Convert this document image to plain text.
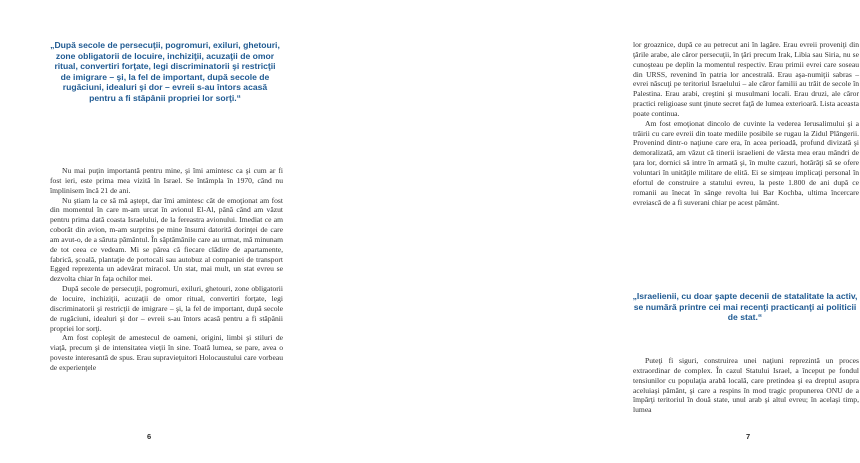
„După secole de persecuţii, pogromuri, exiluri, ghetouri, zone obligatorii de locuire, inchiziţii, acuzaţii de omor ritual, convertiri forţate, legi discriminatorii şi restricţii de imigrare – şi, la fel de important, după secole de rugăciuni, idealuri şi dor – evreii s-au întors acasă pentru a fi stăpânii propriei lor sorţi.“

Nu mai puţin importantă pentru mine, şi îmi amintesc ca şi cum ar fi fost ieri, este prima mea vizită în Israel. Se întâmpla în 1970, când nu împlinisem încă 21 de ani.

Nu ştiam la ce să mă aştept, dar îmi amintesc cât de emoţionat am fost din momentul în care m-am urcat în avionul El-Al, până când am văzut pentru prima dată coasta Israelului, de la fereastra avionului. Imediat ce am coborât din avion, m-am surprins pe mine însumi datorită dorinţei de care am avut-o, de a săruta pământul. În săptămânile care au urmat, mă minunam de tot ceea ce vedeam. Mi se părea că fiecare clădire de apartamente, fabrică, şcoală, plantaţie de portocali sau autobuz al companiei de transport Egged reprezenta un adevărat miracol. Un stat, mai mult, un stat evreu se dezvolta chiar în faţa ochilor mei.

După secole de persecuţii, pogromuri, exiluri, ghetouri, zone obligatorii de locuire, inchiziţii, acuzaţii de omor ritual, convertiri forţate, legi discriminatorii şi restricţii de imigrare – şi, la fel de important, după secole de rugăciuni, idealuri şi dor – evreii s-au întors acasă pentru a fi stăpânii propriei lor sorţi.

Am fost copleşit de amestecul de oameni, origini, limbi şi stiluri de viaţă, precum şi de intensitatea vieţii în sine. Toată lumea, se pare, avea o poveste interesantă de spus. Erau supravieţuitori Holocaustului care vorbeau de experienţele

6

lor groaznice, după ce au petrecut ani în lagăre. Erau evreii proveniţi din ţările arabe, ale căror persecuţii, în ţări precum Irak, Libia sau Siria, nu se cunoşteau pe deplin la momentul respectiv. Erau primii evrei care soseau din URSS, revenind în patria lor ancestrală. Erau aşa-numiţii sabras – evrei născuţi pe teritoriul Israelului – ale căror familii au trăit de secole în Palestina. Erau arabi, creştini şi musulmani locali. Erau druzi, ale căror practici religioase sunt ţinute secret faţă de lumea exterioară. Lista aceasta poate continua.

Am fost emoţionat dincolo de cuvinte la vederea Ierusalimului şi a trăirii cu care evreii din toate mediile posibile se rugau la Zidul Plângerii. Provenind dintr-o naţiune care era, în acea perioadă, profund divizată şi demoralizată, am văzut că tinerii israelieni de vârsta mea erau mândri de ţara lor, dornici să intre în armată şi, în multe cazuri, hotărâţi să se ofere voluntari în unităţile militare de elită. Ei se simţeau implicaţi personal în efortul de construire a statului evreu, la peste 1.800 de ani după ce romanii au înecat în sânge revolta lui Bar Kochba, ultima încercare evreiască de a fi suverani chiar pe acest pământ.

„Israelienii, cu doar şapte decenii de statalitate la activ, se numără printre cei mai recenţi practicanţi ai politicii de stat.“

Puteţi fi siguri, construirea unei naţiuni reprezintă un proces extraordinar de complex. În cazul Statului Israel, a început pe fondul tensiunilor cu populaţia arabă locală, care pretindea şi ea dreptul asupra aceluiaşi pământ, şi care a respins în mod tragic propunerea ONU de a împărţi teritoriul în două state, unul arab şi altul evreu; în acelaşi timp, lumea

7
